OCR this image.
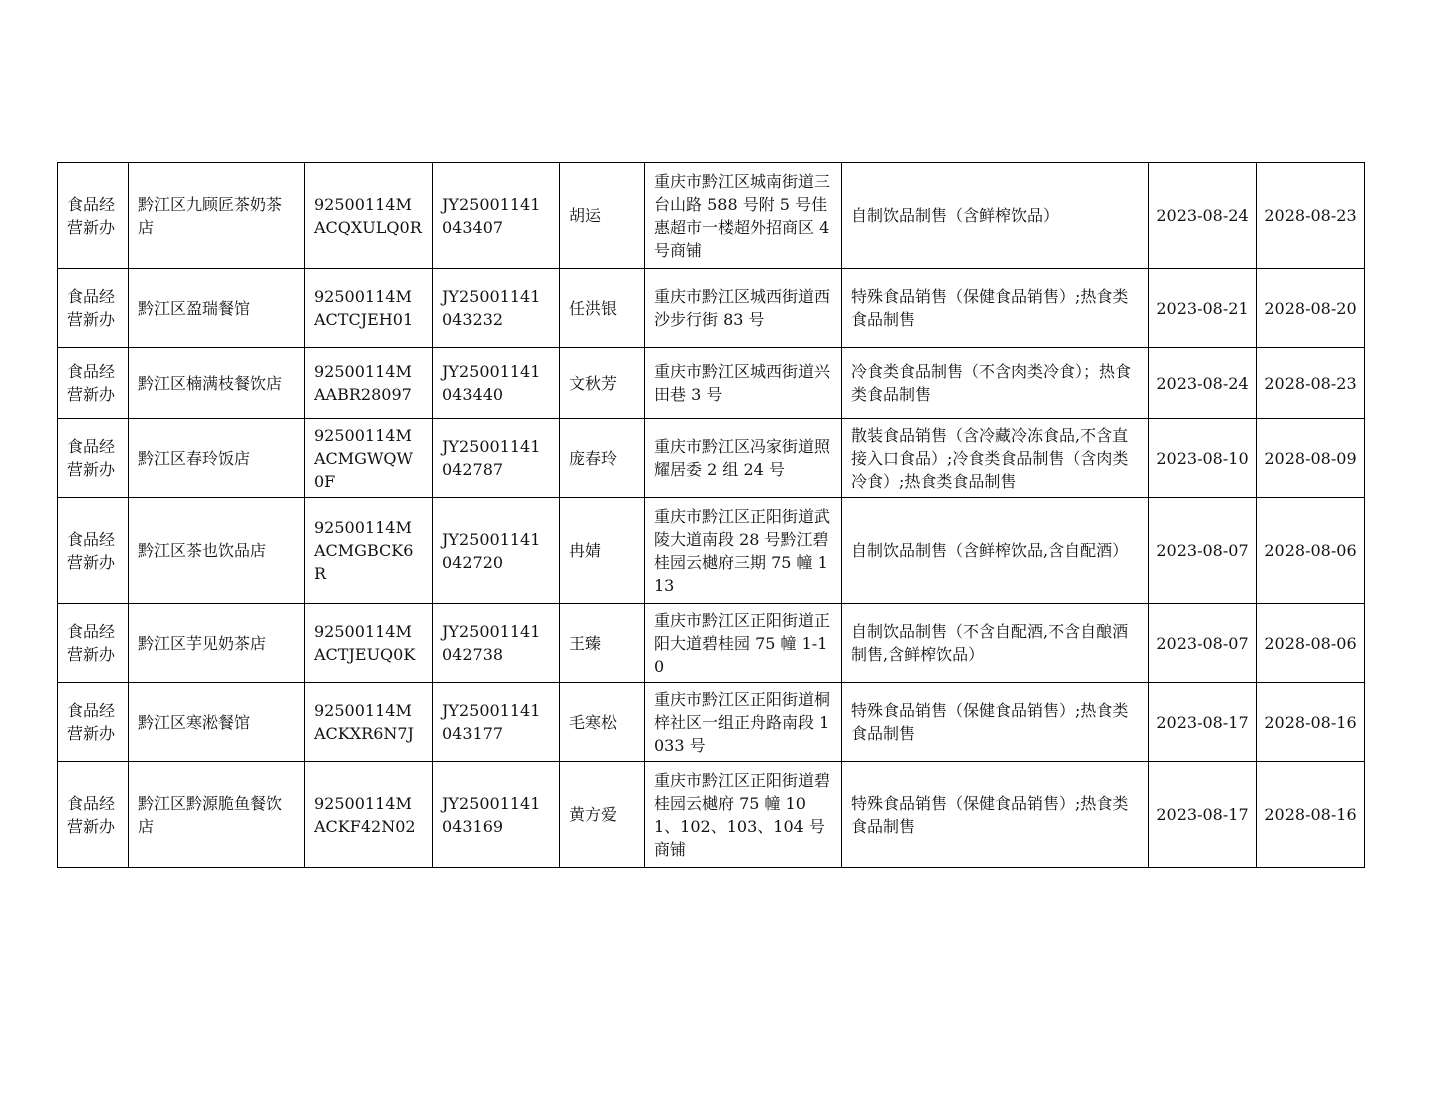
食品经营新办	黔江区九顾匠茶奶茶店	92500114MACQXULQ0R	JY25001141043407	胡运	重庆市黔江区城南街道三台山路 588 号附 5 号佳惠超市一楼超外招商区 4 号商铺	自制饮品制售（含鲜榨饮品）	2023-08-24	2028-08-23
食品经营新办	黔江区盈瑞餐馆	92500114MACTCJEH01	JY25001141043232	任洪银	重庆市黔江区城西街道西沙步行街 83 号	特殊食品销售（保健食品销售）;热食类食品制售	2023-08-21	2028-08-20
食品经营新办	黔江区楠满枝餐饮店	92500114MAABR28097	JY25001141043440	文秋芳	重庆市黔江区城西街道兴田巷 3 号	冷食类食品制售（不含肉类冷食）；热食类食品制售	2023-08-24	2028-08-23
食品经营新办	黔江区春玲饭店	92500114MACMGWQW0F	JY25001141042787	庞春玲	重庆市黔江区冯家街道照耀居委 2 组 24 号	散装食品销售（含冷藏冷冻食品,不含直接入口食品）;冷食类食品制售（含肉类冷食）;热食类食品制售	2023-08-10	2028-08-09
食品经营新办	黔江区茶也饮品店	92500114MACMGBCK6R	JY25001141042720	冉婧	重庆市黔江区正阳街道武陵大道南段 28 号黔江碧桂园云樾府三期 75 幢 113	自制饮品制售（含鲜榨饮品,含自配酒）	2023-08-07	2028-08-06
食品经营新办	黔江区芋见奶茶店	92500114MACTJEUQ0K	JY25001141042738	王臻	重庆市黔江区正阳街道正阳大道碧桂园 75 幢 1-10	自制饮品制售（不含自配酒,不含自酿酒制售,含鲜榨饮品）	2023-08-07	2028-08-06
食品经营新办	黔江区寒淞餐馆	92500114MACKXR6N7J	JY25001141043177	毛寒松	重庆市黔江区正阳街道桐梓社区一组正舟路南段 1033 号	特殊食品销售（保健食品销售）;热食类食品制售	2023-08-17	2028-08-16
食品经营新办	黔江区黔源脆鱼餐饮店	92500114MACKF42N02	JY25001141043169	黄方爱	重庆市黔江区正阳街道碧桂园云樾府 75 幢 101、102、103、104 号商铺	特殊食品销售（保健食品销售）;热食类食品制售	2023-08-17	2028-08-16
